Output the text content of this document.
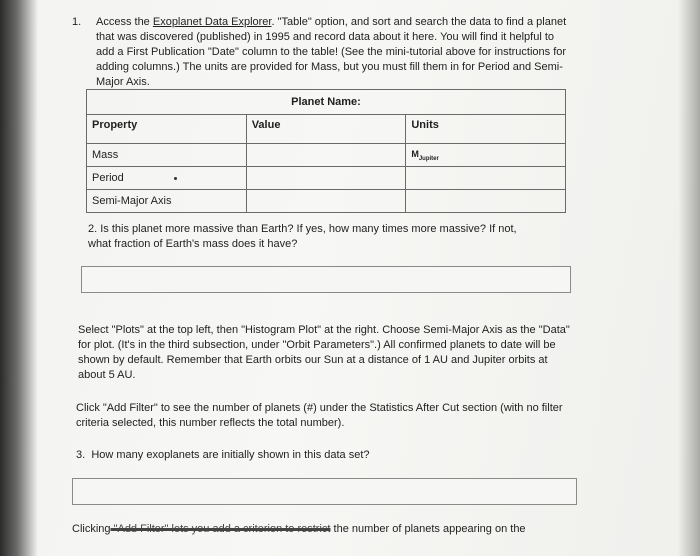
1. Access the Exoplanet Data Explorer. "Table" option, and sort and search the data to find a planet that was discovered (published) in 1995 and record data about it here. You will find it helpful to add a First Publication "Date" column to the table! (See the mini-tutorial above for instructions for adding columns.) The units are provided for Mass, but you must fill them in for Period and Semi-Major Axis.
Planet Name:		
Property	Value	Units
Mass		$M_{Jupiter}$
Period		
Semi-Major Axis		
2. Is this planet more massive than Earth? If yes, how many times more massive? If not, what fraction of Earth's mass does it have?
Select "Plots" at the top left, then "Histogram Plot" at the right. Choose Semi-Major Axis as the "Data" for plot. (It's in the third subsection, under "Orbit Parameters".) All confirmed planets to date will be shown by default. Remember that Earth orbits our Sun at a distance of 1 AU and Jupiter orbits at about 5 AU.
Click "Add Filter" to see the number of planets (#) under the Statistics After Cut section (with no filter criteria selected, this number reflects the total number).
3. How many exoplanets are initially shown in this data set?
Clicking "Add Filter" lets you add a criterion to restrict the number of planets appearing on the
